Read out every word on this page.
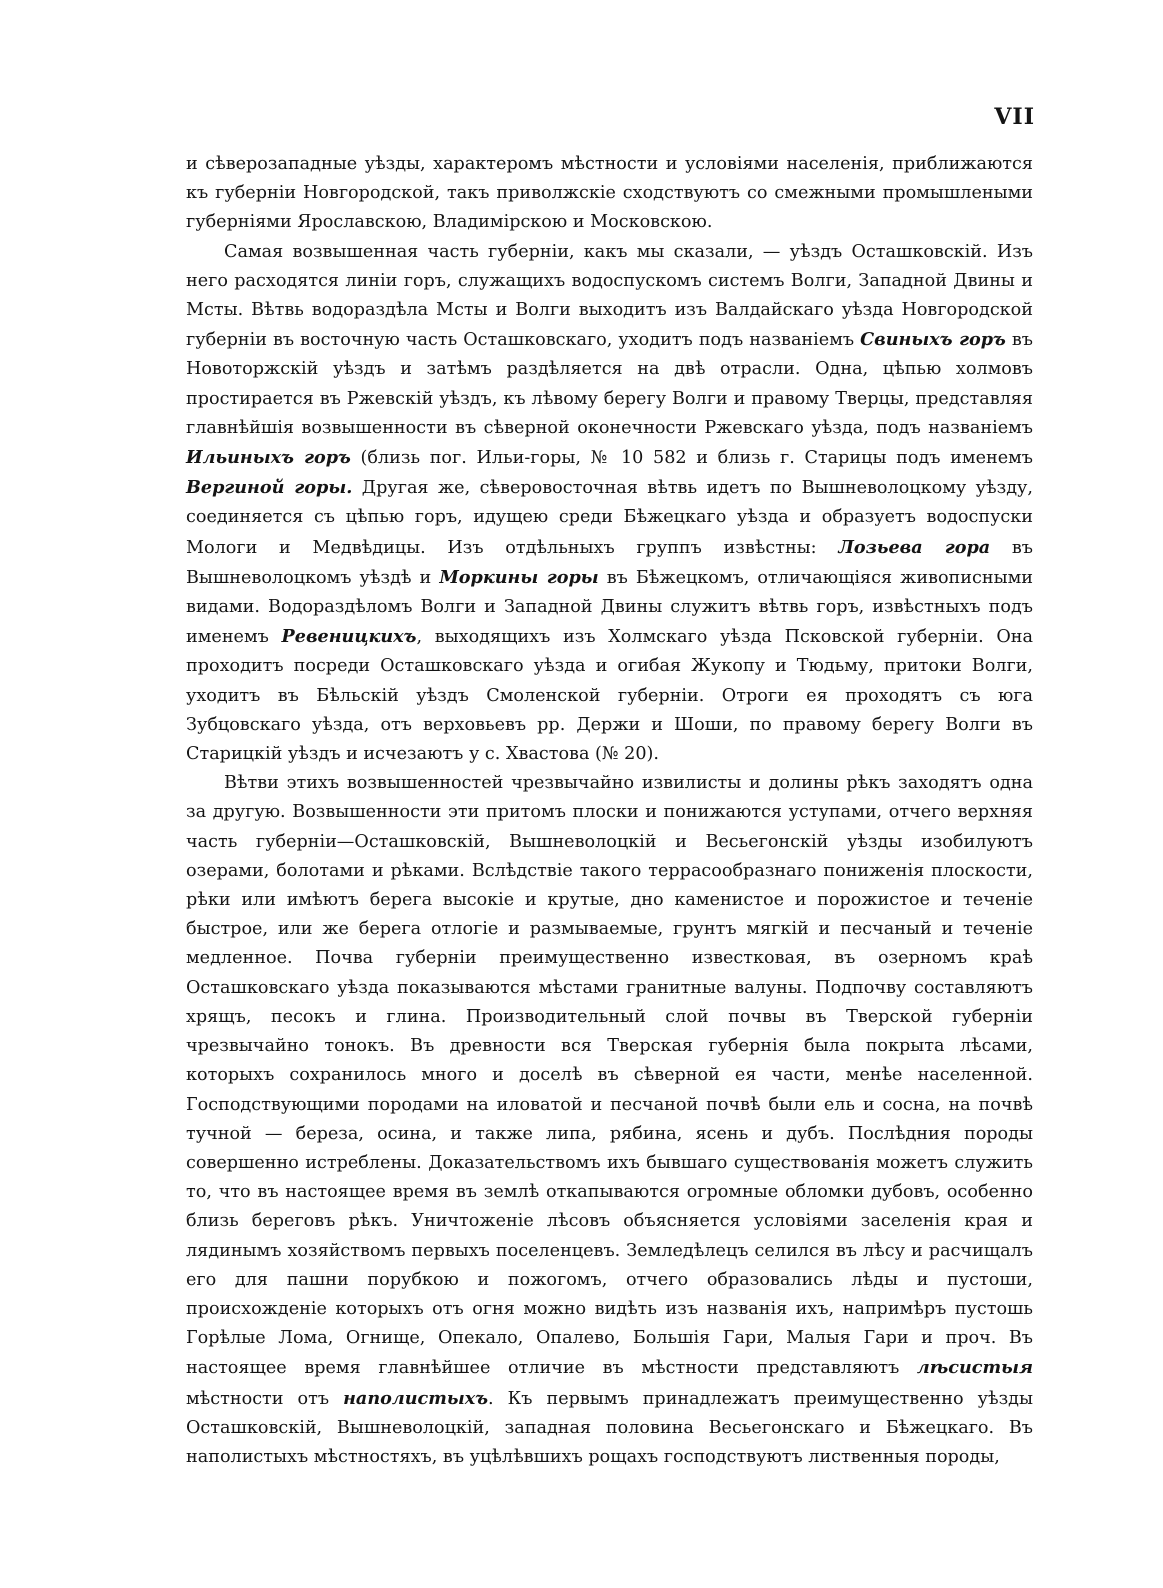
VII

и сѣверозападные уѣзды, характеромъ мѣстности и условіями населенія, приближаются къ губерніи Новгородской, такъ приволжскіе сходствуютъ со смежными промышлеными губерніями Ярославскою, Владимірскою и Московскою.

Самая возвышенная часть губерніи, какъ мы сказали, — уѣздъ Осташковскій. Изъ него расходятся линіи горъ, служащихъ водоспускомъ системъ Волги, Западной Двины и Мсты. Вѣтвь водораздѣла Мсты и Волги выходитъ изъ Валдайскаго уѣзда Новгородской губерніи въ восточную часть Осташковскаго, уходитъ подъ названіемъ Свиныхъ горъ въ Новоторжскій уѣздъ и затѣмъ раздѣляется на двѣ отрасли. Одна, цѣпью холмовъ простирается въ Ржевскій уѣздъ, къ лѣвому берегу Волги и правому Тверцы, представляя главнѣйшія возвышенности въ сѣверной оконечности Ржевскаго уѣзда, подъ названіемъ Ильиныхъ горъ (близь пог. Ильи-горы, № 10 582 и близь г. Старицы подъ именемъ Вергиной горы. Другая же, сѣверовосточная вѣтвь идетъ по Вышневолоцкому уѣзду, соединяется съ цѣпью горъ, идущею среди Бѣжецкаго уѣзда и образуетъ водоспуски Мологи и Медвѣдицы. Изъ отдѣльныхъ группъ извѣстны: Лозьева гора въ Вышневолоцкомъ уѣздѣ и Моркины горы въ Бѣжецкомъ, отличающіяся живописными видами. Водораздѣломъ Волги и Западной Двины служитъ вѣтвь горъ, извѣстныхъ подъ именемъ Ревеницкихъ, выходящихъ изъ Холмскаго уѣзда Псковской губерніи. Она проходитъ посреди Осташковскаго уѣзда и огибая Жукопу и Тюдьму, притоки Волги, уходитъ въ Бѣльскій уѣздъ Смоленской губерніи. Отроги ея проходятъ съ юга Зубцовскаго уѣзда, отъ верховьевъ рр. Держи и Шоши, по правому берегу Волги въ Старицкій уѣздъ и исчезаютъ у с. Хвастова (№ 20).

Вѣтви этихъ возвышенностей чрезвычайно извилисты и долины рѣкъ заходятъ одна за другую. Возвышенности эти притомъ плоски и понижаются уступами, отчего верхняя часть губерніи—Осташковскій, Вышневолоцкій и Весьегонскій уѣзды изобилуютъ озерами, болотами и рѣками. Вслѣдствіе такого террасообразнаго пониженія плоскости, рѣки или имѣютъ берега высокіе и крутые, дно каменистое и порожистое и теченіе быстрое, или же берега отлогіе и размываемые, грунтъ мягкій и песчаный и теченіе медленное. Почва губерніи преимущественно известковая, въ озерномъ краѣ Осташковскаго уѣзда показываются мѣстами гранитные валуны. Подпочву составляютъ хрящъ, песокъ и глина. Производительный слой почвы въ Тверской губерніи чрезвычайно тонокъ. Въ древности вся Тверская губернія была покрыта лѣсами, которыхъ сохранилось много и доселѣ въ сѣверной ея части, менѣе населенной. Господствующими породами на иловатой и песчаной почвѣ были ель и сосна, на почвѣ тучной — береза, осина, и также липа, рябина, ясень и дубъ. Послѣдния породы совершенно истреблены. Доказательствомъ ихъ бывшаго существованія можетъ служить то, что въ настоящее время въ землѣ откапываются огромные обломки дубовъ, особенно близь береговъ рѣкъ. Уничтоженіе лѣсовъ объясняется условіями заселенія края и лядинымъ хозяйствомъ первыхъ поселенцевъ. Земледѣлецъ селился въ лѣсу и расчищалъ его для пашни порубкою и пожогомъ, отчего образовались лѣды и пустоши, происхожденіе которыхъ отъ огня можно видѣть изъ названія ихъ, напримѣръ пустошь Горѣлые Ломa, Огнище, Опекало, Опалево, Большія Гари, Малыя Гари и проч. Въ настоящее время главнѣйшее отличие въ мѣстности представляютъ лѣсистыя мѣстности отъ наполистыхъ. Къ первымъ принадлежатъ преимущественно уѣзды Осташковскій, Вышневолоцкій, западная половина Весьегонскаго и Бѣжецкаго. Въ наполистыхъ мѣстностяхъ, въ уцѣлѣвшихъ рощахъ господствуютъ лиственныя породы,
